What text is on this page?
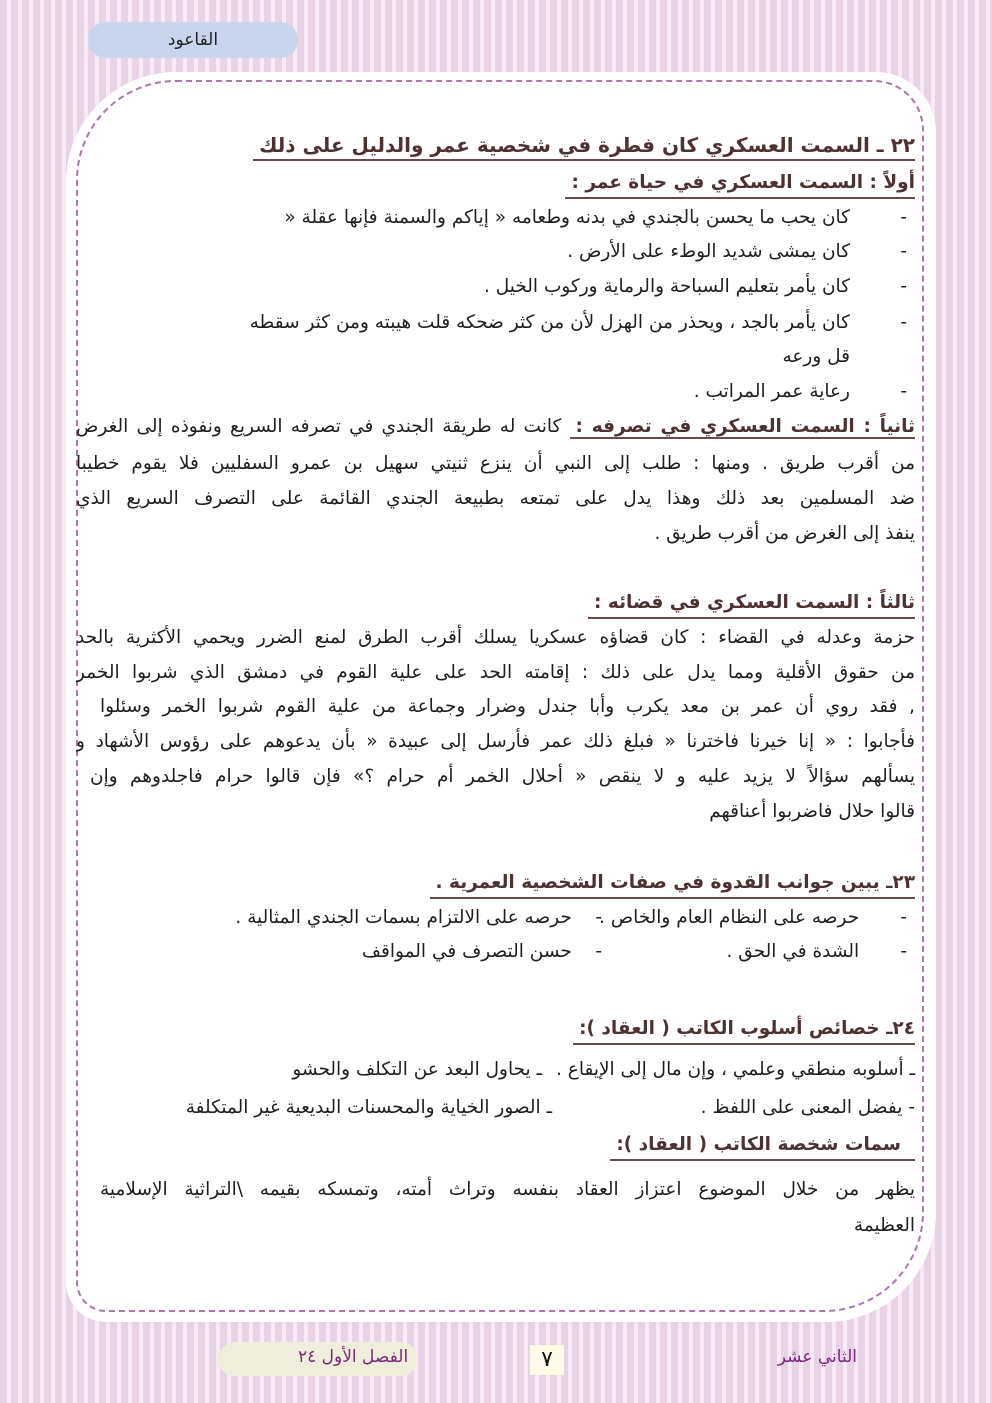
القاعود
٢٢ ـ السمت العسكري كان فطرة في شخصية عمر والدليل على ذلك
أولاً : السمت العسكري في حياة عمر :
-
كان يحب ما يحسن بالجندي في بدنه وطعامه « إياكم والسمنة فإنها عقلة «
-
كان يمشى شديد الوطء على الأرض .
-
كان يأمر بتعليم السباحة والرماية وركوب الخيل .
-
كان يأمر بالجد ، ويحذر من الهزل لأن من كثر ضحكه قلت هيبته ومن كثر سقطه
قل ورعه
-
رعاية عمر المراتب .
ثانياً : السمت العسكري في تصرفه : كانت له طريقة الجندي في تصرفه السريع ونفوذه إلى الغرض
من أقرب طريق . ومنها : طلب إلى النبي أن ينزع ثنيتي سهيل بن عمرو السفليين فلا يقوم خطيبا
ضد المسلمين بعد ذلك وهذا يدل على تمتعه بطبيعة الجندي القائمة على التصرف السريع الذي
ينفذ إلى الغرض من أقرب طريق .
ثالثاً : السمت العسكري في قضائه :
حزمة وعدله في القضاء : كان قضاؤه عسكريا يسلك أقرب الطرق لمنع الضرر ويحمي الأكثرية بالحد
من حقوق الأقلية ومما يدل على ذلك : إقامته الحد على علية القوم في دمشق الذي شربوا الخمر
, فقد روي أن عمر بن معد يكرب وأبا جندل وضرار وجماعة من علية القوم شربوا الخمر وسئلوا
فأجابوا : « إنا خيرنا فاخترنا « فبلغ ذلك عمر فأرسل إلى عبيدة « بأن يدعوهم على رؤوس الأشهاد و
يسألهم سؤالاً لا يزيد عليه و لا ينقص « أحلال الخمر أم حرام ؟» فإن قالوا حرام فاجلدوهم وإن
قالوا حلال فاضربوا أعناقهم
٢٣ـ يبين جوانب القدوة في صفات الشخصية العمرية .
-       حرصه على النظام العام والخاص .
-    حرصه على الالتزام بسمات الجندي المثالية .
-       الشدة في الحق .
-    حسن التصرف في المواقف
٢٤ـ خصائص أسلوب الكاتب ( العقاد ):
ـ أسلوبه منطقي وعلمي ، وإن مال إلى الإيقاع .
ـ يحاول البعد عن التكلف والحشو
- يفضل المعنى على اللفظ .
ـ الصور الخياية والمحسنات البديعية غير المتكلفة
سمات شخصة الكاتب ( العقاد ):
يظهر من خلال الموضوع اعتزاز العقاد بنفسه وتراث أمته، وتمسكه بقيمه \التراثية الإسلامية
العظيمة
الثاني عشر
٧
الفصل الأول ٢٤
